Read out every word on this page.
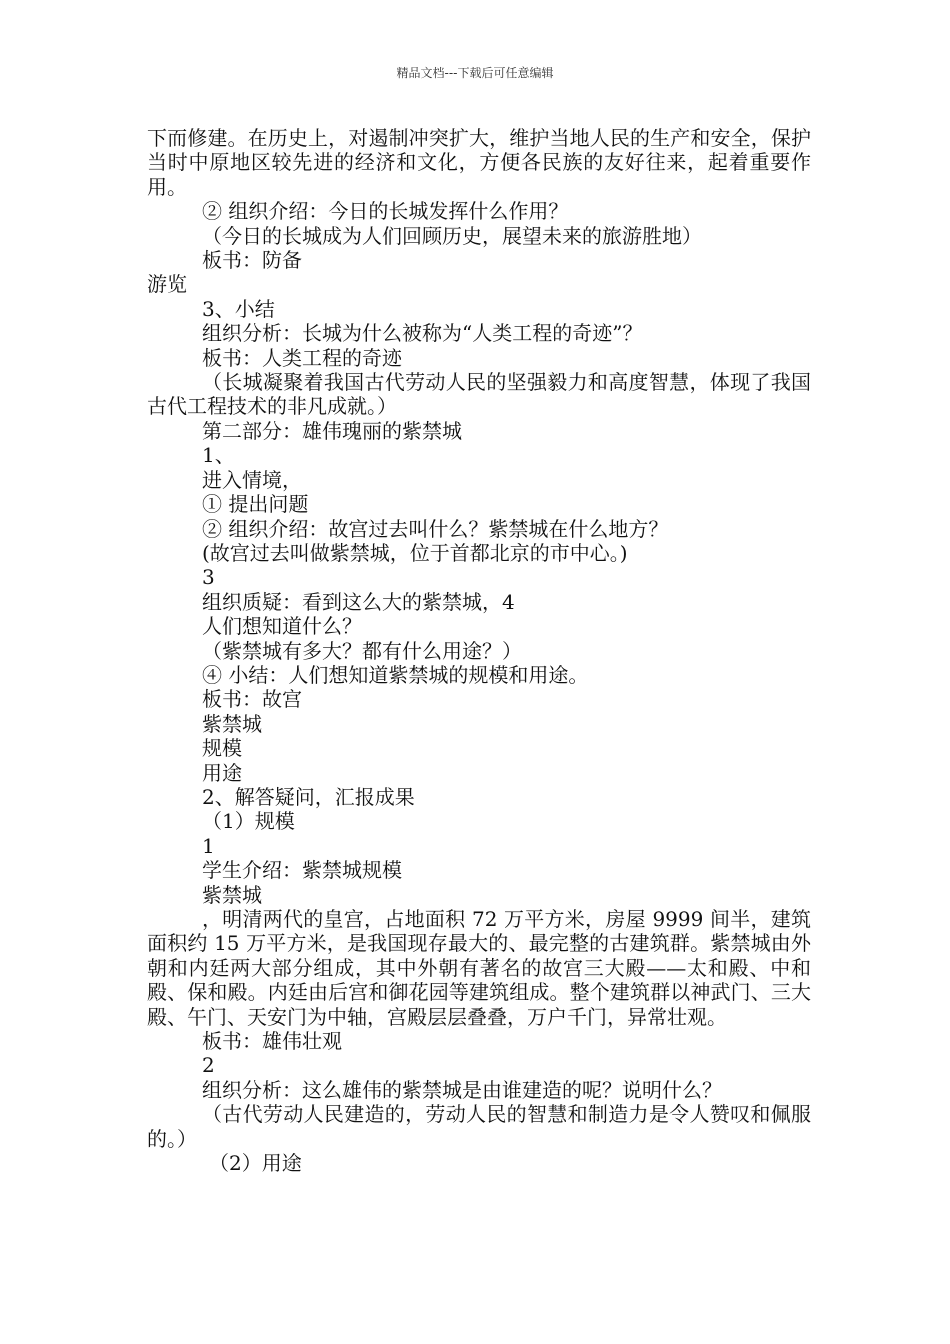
精品文档---下载后可任意编辑

下而修建。在历史上，对遏制冲突扩大，维护当地人民的生产和安全，保护当时中原地区较先进的经济和文化，方便各民族的友好往来，起着重要作用。

② 组织介绍：今日的长城发挥什么作用？

（今日的长城成为人们回顾历史，展望未来的旅游胜地）

板书：防备

游览

3、小结

组织分析：长城为什么被称为“人类工程的奇迹”？

板书：人类工程的奇迹

（长城凝聚着我国古代劳动人民的坚强毅力和高度智慧，体现了我国古代工程技术的非凡成就。）

第二部分：雄伟瑰丽的紫禁城

1、

进入情境，

① 提出问题

② 组织介绍：故宫过去叫什么？紫禁城在什么地方？

(故宫过去叫做紫禁城，位于首都北京的市中心。)

3

组织质疑：看到这么大的紫禁城，4

人们想知道什么？

（紫禁城有多大？都有什么用途？）

④ 小结：人们想知道紫禁城的规模和用途。

板书：故宫

紫禁城

规模

用途

2、解答疑问，汇报成果

（1）规模

1

学生介绍：紫禁城规模

紫禁城

，明清两代的皇宫，占地面积 72 万平方米，房屋 9999 间半，建筑面积约 15 万平方米，是我国现存最大的、最完整的古建筑群。紫禁城由外朝和内廷两大部分组成，其中外朝有著名的故宫三大殿——太和殿、中和殿、保和殿。内廷由后宫和御花园等建筑组成。整个建筑群以神武门、三大殿、午门、天安门为中轴，宫殿层层叠叠，万户千门，异常壮观。

板书：雄伟壮观

2

组织分析：这么雄伟的紫禁城是由谁建造的呢？说明什么？

（古代劳动人民建造的，劳动人民的智慧和制造力是令人赞叹和佩服的。）

（2）用途
